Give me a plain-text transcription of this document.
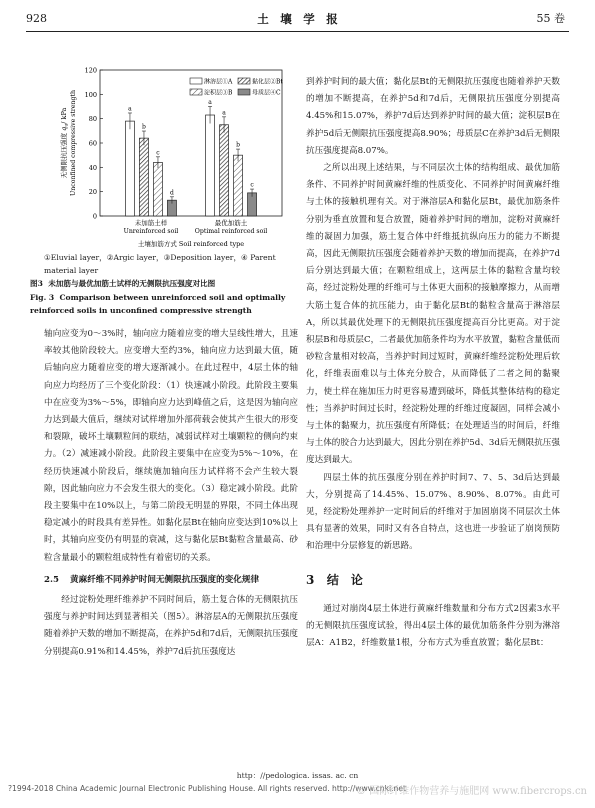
928	土　壤　学　报	55 卷
0
20
40
60
80
100
120
无侧限抗压强度 $q_u/$ kPa Unconfined compressive strength	a
b
c
d
未加筋土样
Unreinforced soil
a
a
b
c
最优加筋土
Optimal reinforced soil
土壤加筋方式 Soil reinforced type
淋溶层①A	黏化层②Bt
淀积层③B	母质层④C
①Eluvial layer，②Argic layer，③Deposition layer，④ Parent material layer
图3 未加筋与最优加筋土试样的无侧限抗压强度对比图
Fig. 3 Comparison between unreinforced soil and optimally reinforced soils in unconfined compressive strength

轴向应变为0～3%时，轴向应力随着应变的增大呈线性增大，且速率较其他阶段较大。应变增大至约3%，轴向应力达到最大值，随后轴向应力随着应变的增大逐渐减小。在此过程中，4层土体的轴向应力均经历了三个变化阶段：（1）快速减小阶段。此阶段主要集中在应变为3%～5%，即轴向应力达到峰值之后，这是因为轴向应力达到最大值后，继续对试样增加外部荷载会使其产生很大的形变和裂隙，破坏土壤颗粒间的联结，减弱试样对土壤颗粒的侧向约束力。（2）减速减小阶段。此阶段主要集中在应变为5%～10%，在经历快速减小阶段后，继续施加轴向压力试样将不会产生较大裂隙，因此轴向应力不会发生很大的变化。（3）稳定减小阶段。此阶段主要集中在10%以上，与第二阶段无明显的界限，不同土体出现稳定减小的时段具有差异性。如黏化层Bt在轴向应变达到10%以上时，其轴向应变仍有明显的衰减，这与黏化层Bt黏粒含量最高、砂粒含量最小的颗粒组成特性有着密切的关系。

2.5	黄麻纤维不同养护时间无侧限抗压强度的变化规律

经过淀粉处理纤维养护不同时间后，筋土复合体的无侧限抗压强度与养护时间达到显著相关（图5）。淋溶层A的无侧限抗压强度随着养护天数的增加不断提高，在养护5d和7d后，无侧限抗压强度分别提高0.91%和14.45%，养护7d后抗压强度达

到养护时间的最大值；黏化层Bt的无侧限抗压强度也随着养护天数的增加不断提高，在养护5d和7d后，无侧限抗压强度分别提高4.45%和15.07%，养护7d后达到养护时间的最大值；淀积层B在养护5d后无侧限抗压强度提高8.90%；母质层C在养护3d后无侧限抗压强度提高8.07%。

之所以出现上述结果，与不同层次土体的结构组成、最优加筋条件、不同养护时间黄麻纤维的性质变化、不同养护时间黄麻纤维与土体的接触机理有关。对于淋溶层A和黏化层Bt，最优加筋条件分别为垂直放置和复合放置，随着养护时间的增加，淀粉对黄麻纤维的凝固力加强，筋土复合体中纤维抵抗纵向压力的能力不断提高，因此无侧限抗压强度会随着养护天数的增加而提高，在养护7d后分别达到最大值；在颗粒组成上，这两层土体的黏粒含量均较高，经过淀粉处理的纤维可与土体更大面积的接触摩擦力，从而增大筋土复合体的抗压能力，由于黏化层Bt的黏粒含量高于淋溶层A，所以其最优处理下的无侧限抗压强度提高百分比更高。对于淀积层B和母质层C，二者最优加筋条件均为水平放置，黏粒含量低而砂粒含量相对较高，当养护时间过短时，黄麻纤维经淀粉处理后软化，纤维表面难以与土体充分胶合，从而降低了二者之间的黏聚力，使土样在施加压力时更容易遭到破坏，降低其整体结构的稳定性；当养护时间过长时，经淀粉处理的纤维过度凝固，同样会减小与土体的黏聚力，抗压强度有所降低；在处理适当的时间后，纤维与土体的胶合力达到最大，因此分别在养护5d、3d后无侧限抗压强度达到最大。

四层土体的抗压强度分别在养护时间7、7、5、3d后达到最大，分别提高了14.45%、15.07%、8.90%、8.07%。由此可见，经淀粉处理养护一定时间后的纤维对于加固崩岗不同层次土体具有显著的效果，同时又有各自特点，这也进一步验证了崩岗预防和治理中分层修复的新思路。

3 结　论

通过对崩岗4层土体进行黄麻纤维数量和分布方式2因素3水平的无侧限抗压强度试验，得出4层土体的最优加筋条件分别为淋溶层A：A1B2，纤维数量1根，分布方式为垂直放置；黏化层Bt：

http：//pedologica. issas. ac. cn
?1994-2018 China Academic Journal Electronic Publishing House. All rights reserved. http://www.cnki.net
© 国际纤维作物营养与施肥网 www.fibercrops.cn
